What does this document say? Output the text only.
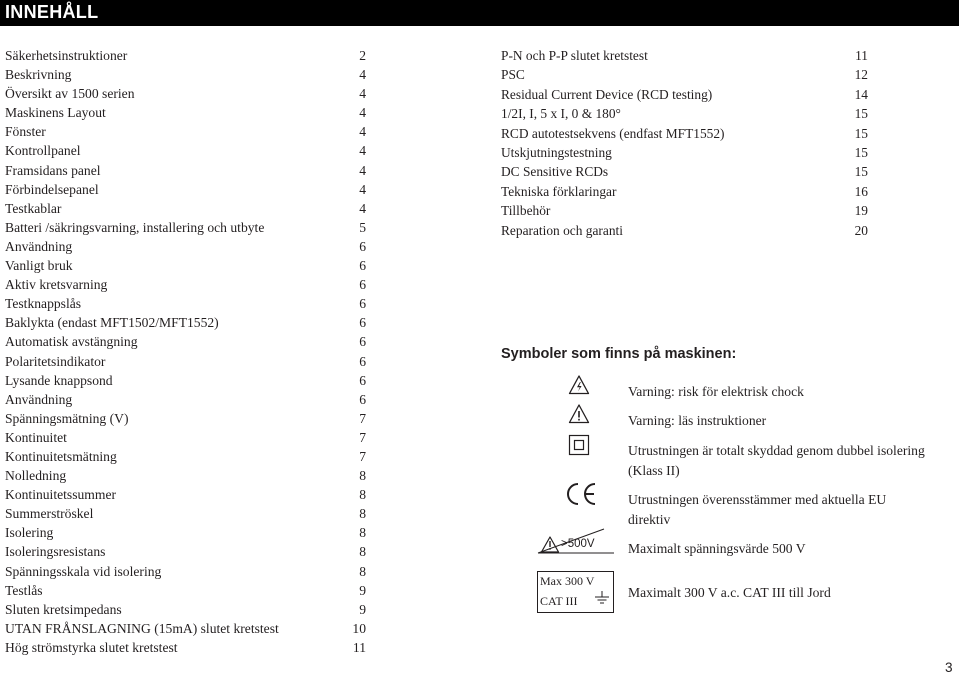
INNEHÅLL
Säkerhetsinstruktioner	2
Beskrivning	4
Översikt av 1500 serien	4
Maskinens Layout	4
Fönster	4
Kontrollpanel	4
Framsidans panel	4
Förbindelsepanel	4
Testkablar	4
Batteri /säkringsvarning, installering och utbyte	5
Användning	6
Vanligt bruk	6
Aktiv kretsvarning	6
Testknappslås	6
Baklykta (endast MFT1502/MFT1552)	6
Automatisk avstängning	6
Polaritetsindikator	6
Lysande knappsond	6
Användning	6
Spänningsmätning (V)	7
Kontinuitet	7
Kontinuitetsmätning	7
Nolledning	8
Kontinuitetssummer	8
Summerströskel	8
Isolering	8
Isoleringsresistans	8
Spänningsskala vid isolering	8
Testlås	9
Sluten kretsimpedans	9
UTAN FRÅNSLAGNING (15mA) slutet kretstest	10
Hög strömstyrka slutet kretstest	11
P-N och P-P slutet kretstest	11
PSC	12
Residual Current Device (RCD testing)	14
1/2I, I, 5 x I, 0 & 180°	15
RCD autotestsekvens (endfast MFT1552)	15
Utskjutningstestning	15
DC Sensitive RCDs	15
Tekniska förklaringar	16
Tillbehör	19
Reparation och garanti	20
Symboler som finns på maskinen:
Varning: risk för elektrisk chock
Varning: läs instruktioner
Utrustningen är totalt skyddad genom dubbel isolering (Klass II)
Utrustningen överensstämmer med aktuella EU direktiv
>500V Maximalt spänningsvärde 500 V
Max 300 V
CAT III
Maximalt 300 V a.c. CAT III till Jord
3
